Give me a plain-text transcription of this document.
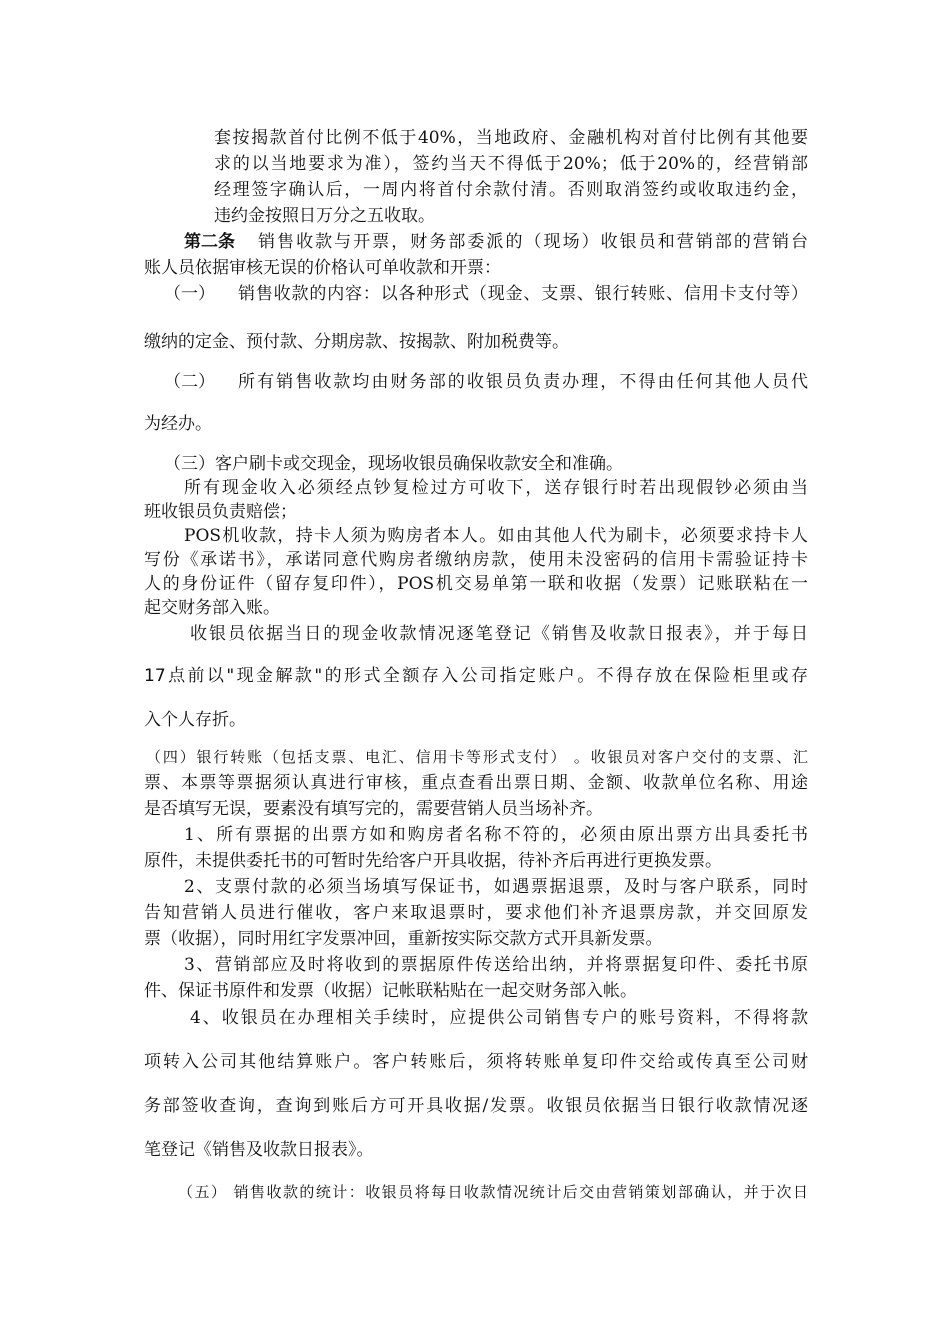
套按揭款首付比例不低于40%，当地政府、金融机构对首付比例有其他要
求的以当地要求为准），签约当天不得低于20%；低于20%的，经营销部
经理签字确认后，一周内将首付余款付清。否则取消签约或收取违约金，
违约金按照日万分之五收取。
第二条 销售收款与开票，财务部委派的（现场）收银员和营销部的营销台
账人员依据审核无误的价格认可单收款和开票：
（一） 销售收款的内容：以各种形式（现金、支票、银行转账、信用卡支付等）
缴纳的定金、预付款、分期房款、按揭款、附加税费等。
（二） 所有销售收款均由财务部的收银员负责办理，不得由任何其他人员代
为经办。
（三）客户刷卡或交现金，现场收银员确保收款安全和准确。
所有现金收入必须经点钞复检过方可收下，送存银行时若出现假钞必须由当
班收银员负责赔偿；
POS机收款，持卡人须为购房者本人。如由其他人代为刷卡，必须要求持卡人
写份《承诺书》，承诺同意代购房者缴纳房款，使用未没密码的信用卡需验证持卡
人的身份证件（留存复印件），POS机交易单第一联和收据（发票）记账联粘在一
起交财务部入账。
收银员依据当日的现金收款情况逐笔登记《销售及收款日报表》，并于每日
17点前以"现金解款"的形式全额存入公司指定账户。不得存放在保险柜里或存
入个人存折。
（四）银行转账（包括支票、电汇、信用卡等形式支付） 。收银员对客户交付的支票、汇
票、本票等票据须认真进行审核，重点查看出票日期、金额、收款单位名称、用途
是否填写无误，要素没有填写完的，需要营销人员当场补齐。
1、所有票据的出票方如和购房者名称不符的，必须由原出票方出具委托书
原件，未提供委托书的可暂时先给客户开具收据，待补齐后再进行更换发票。
2、支票付款的必须当场填写保证书，如遇票据退票，及时与客户联系，同时
告知营销人员进行催收，客户来取退票时，要求他们补齐退票房款，并交回原发
票（收据），同时用红字发票冲回，重新按实际交款方式开具新发票。
3、营销部应及时将收到的票据原件传送给出纳，并将票据复印件、委托书原
件、保证书原件和发票（收据）记帐联粘贴在一起交财务部入帐。
4、收银员在办理相关手续时，应提供公司销售专户的账号资料，不得将款
项转入公司其他结算账户。客户转账后，须将转账单复印件交给或传真至公司财
务部签收查询，查询到账后方可开具收据/发票。收银员依据当日银行收款情况逐
笔登记《销售及收款日报表》。
（五） 销售收款的统计：收银员将每日收款情况统计后交由营销策划部确认，并于次日
